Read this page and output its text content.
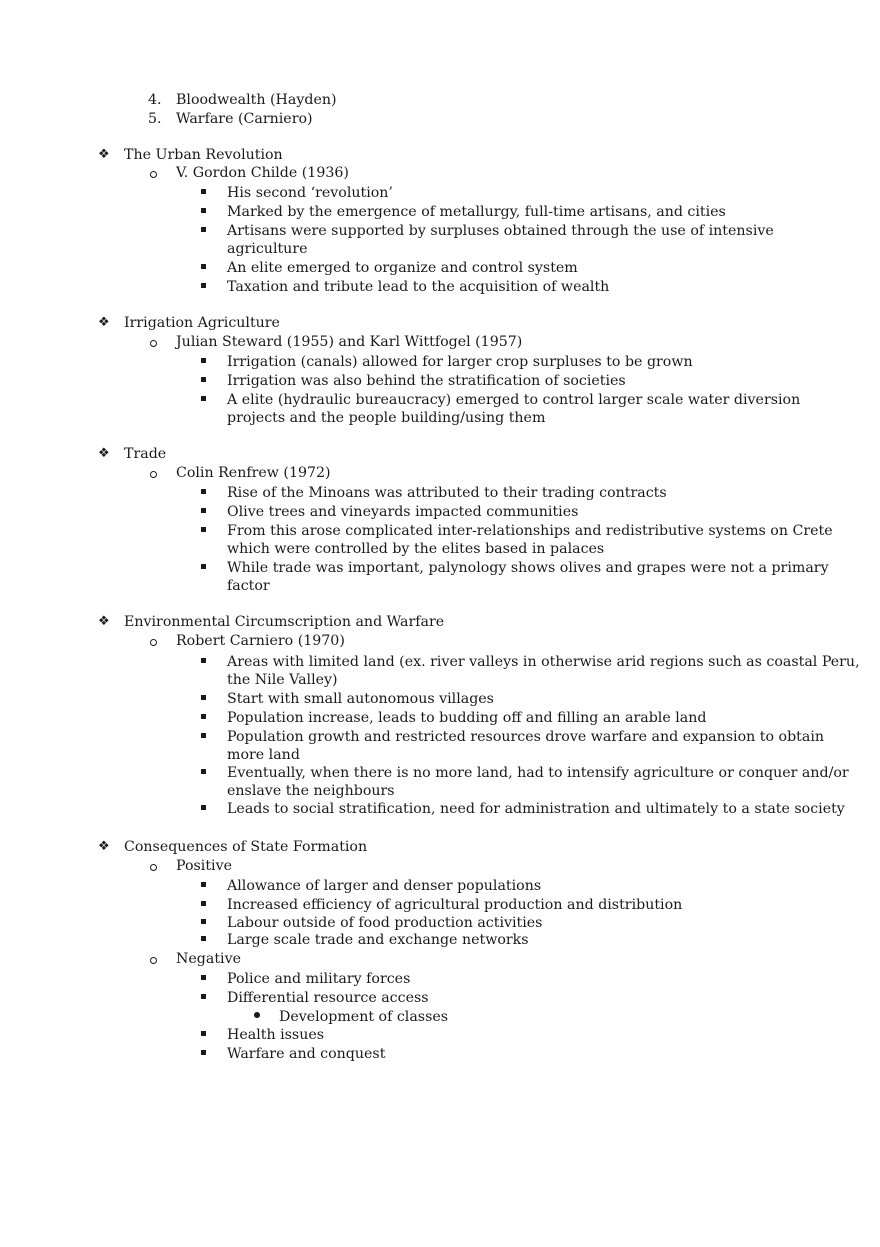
4. Bloodwealth (Hayden)
5. Warfare (Carniero)
❖ The Urban Revolution
V. Gordon Childe (1936)
His second ‘revolution’
Marked by the emergence of metallurgy, full-time artisans, and cities
Artisans were supported by surpluses obtained through the use of intensive
agriculture
An elite emerged to organize and control system
Taxation and tribute lead to the acquisition of wealth
❖ Irrigation Agriculture
Julian Steward (1955) and Karl Wittfogel (1957)
Irrigation (canals) allowed for larger crop surpluses to be grown
Irrigation was also behind the stratification of societies
A elite (hydraulic bureaucracy) emerged to control larger scale water diversion
projects and the people building/using them
❖ Trade
Colin Renfrew (1972)
Rise of the Minoans was attributed to their trading contracts
Olive trees and vineyards impacted communities
From this arose complicated inter-relationships and redistributive systems on Crete
which were controlled by the elites based in palaces
While trade was important, palynology shows olives and grapes were not a primary
factor
❖ Environmental Circumscription and Warfare
Robert Carniero (1970)
Areas with limited land (ex. river valleys in otherwise arid regions such as coastal Peru,
the Nile Valley)
Start with small autonomous villages
Population increase, leads to budding off and filling an arable land
Population growth and restricted resources drove warfare and expansion to obtain
more land
Eventually, when there is no more land, had to intensify agriculture or conquer and/or
enslave the neighbours
Leads to social stratification, need for administration and ultimately to a state society
❖ Consequences of State Formation
Positive
Allowance of larger and denser populations
Increased efficiency of agricultural production and distribution
Labour outside of food production activities
Large scale trade and exchange networks
Negative
Police and military forces
Differential resource access
Development of classes
Health issues
Warfare and conquest
